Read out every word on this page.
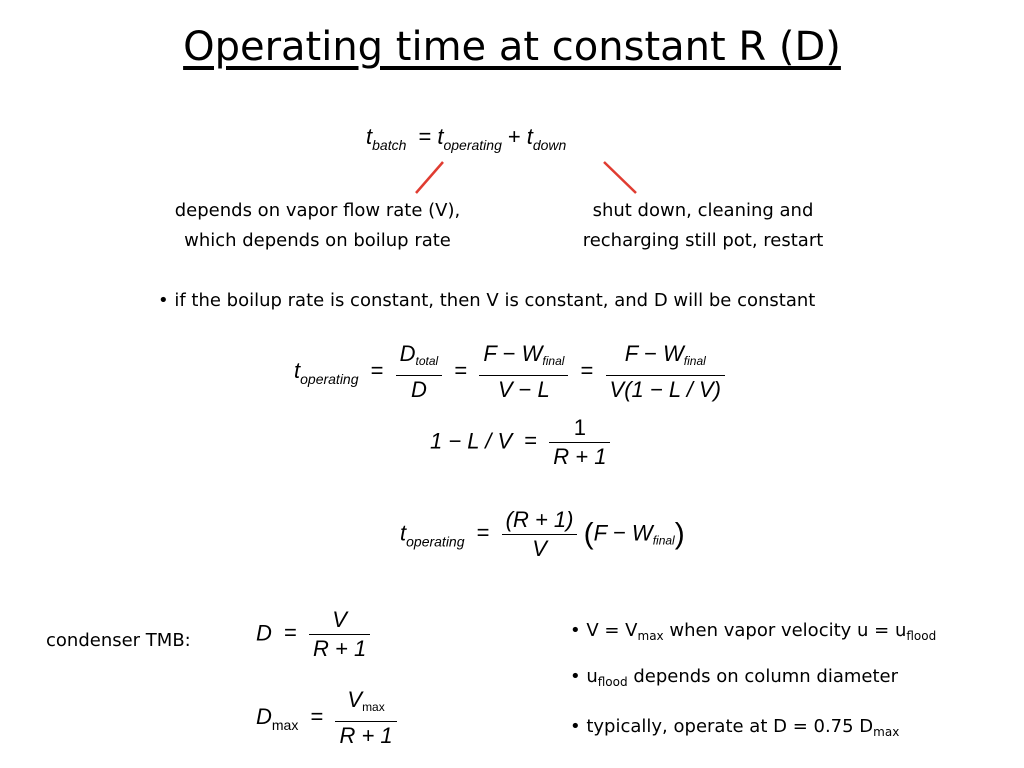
Operating time at constant R (D)
$t_{batch} = t_{operating} + t_{down}$
depends on vapor flow rate (V),
which depends on boilup rate
shut down, cleaning and
recharging still pot, restart
• if the boilup rate is constant, then V is constant, and D will be constant
$t_{operating} = \frac{\text{Dtotal}}{D} = \frac{\text{F − Wfinal}}{V - L} = \frac{\text{F − Wfinal}}{V(1 - L / V)}$
$1 - L / V = \frac{1}{R + 1}$
$t_{operating} = \frac{(R + 1)}{V} (F$ − Wfinal)
condenser TMB:	$D = \frac{V}{R + 1}$
$D_{max} = \frac{Vmax}{R + 1}$
• $V = V_{max}$ when vapor velocity $u = u_{flood}$
• $u_{flood}$ depends on column diameter
• typically, operate at D = 0.75 $D_{max}$
